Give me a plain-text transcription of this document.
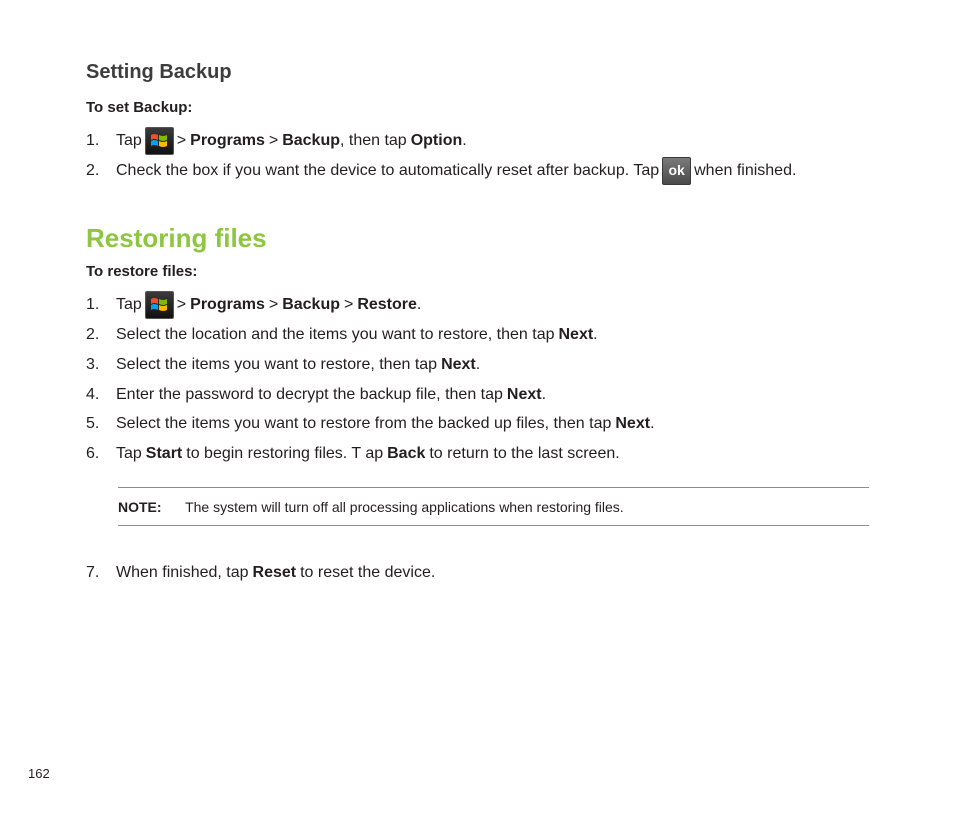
Setting Backup
To set Backup:
1. Tap > Programs > Backup , then tap Option .
2. Check the box if you want the device to automatically reset after backup. Tap ok when finished.
Restoring files
To restore files:
1. Tap > Programs > Backup > Restore .
2. Select the location and the items you want to restore, then tap Next .
3. Select the items you want to restore, then tap Next .
4. Enter the password to decrypt the backup file, then tap Next .
5. Select the items you want to restore from the backed up files, then tap Next .
6. Tap Start to begin restoring files. T ap Back to return to the last screen.
NOTE: The system will turn off all processing applications when restoring files.
7. When finished, tap Reset to reset the device.
162
